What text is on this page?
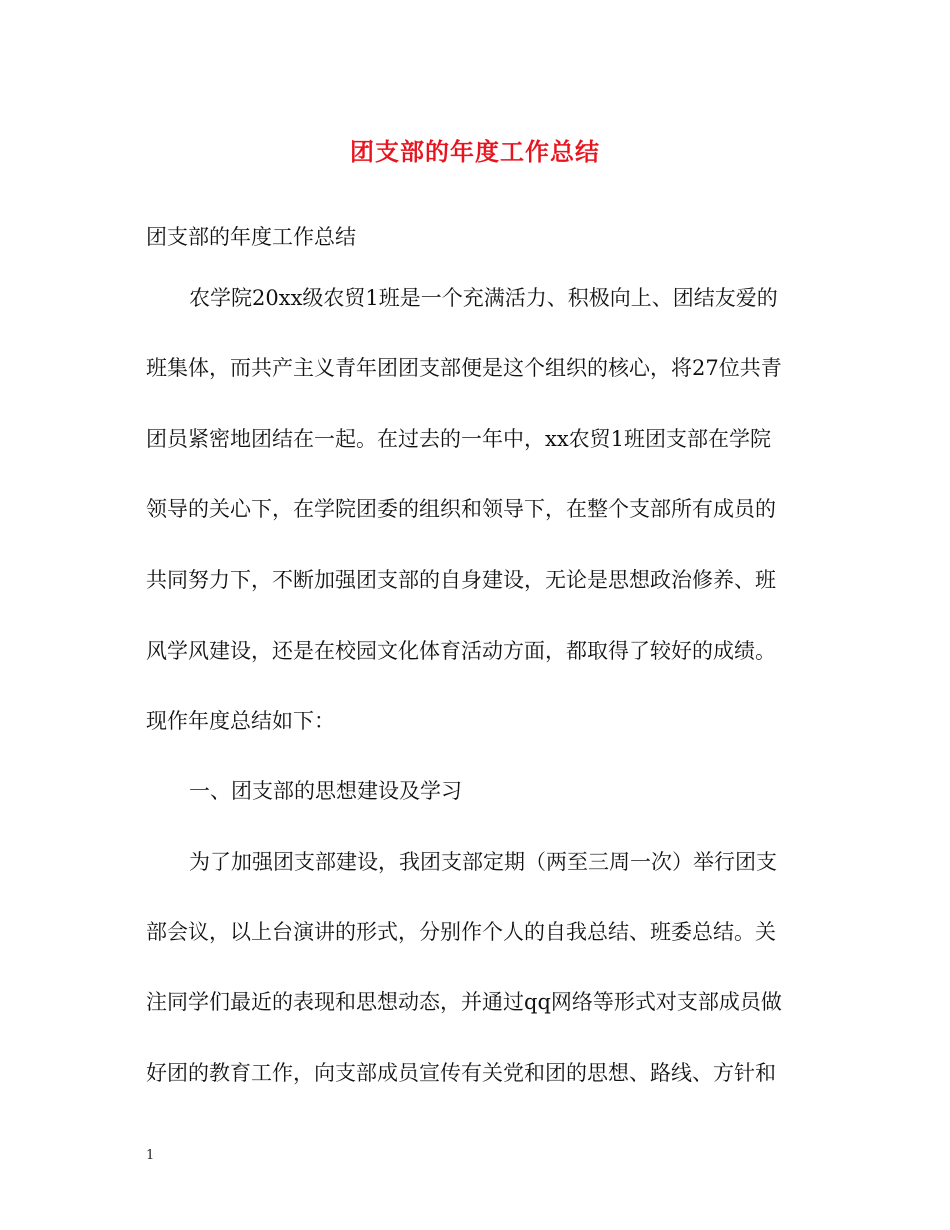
团支部的年度工作总结
团支部的年度工作总结
农学院20xx级农贸1班是一个充满活力、积极向上、团结友爱的
班集体，而共产主义青年团团支部便是这个组织的核心，将27位共青
团员紧密地团结在一起。在过去的一年中，xx农贸1班团支部在学院
领导的关心下，在学院团委的组织和领导下，在整个支部所有成员的
共同努力下，不断加强团支部的自身建设，无论是思想政治修养、班
风学风建设，还是在校园文化体育活动方面，都取得了较好的成绩。
现作年度总结如下：
一、团支部的思想建设及学习
为了加强团支部建设，我团支部定期（两至三周一次）举行团支
部会议，以上台演讲的形式，分别作个人的自我总结、班委总结。关
注同学们最近的表现和思想动态，并通过qq网络等形式对支部成员做
好团的教育工作，向支部成员宣传有关党和团的思想、路线、方针和
1
